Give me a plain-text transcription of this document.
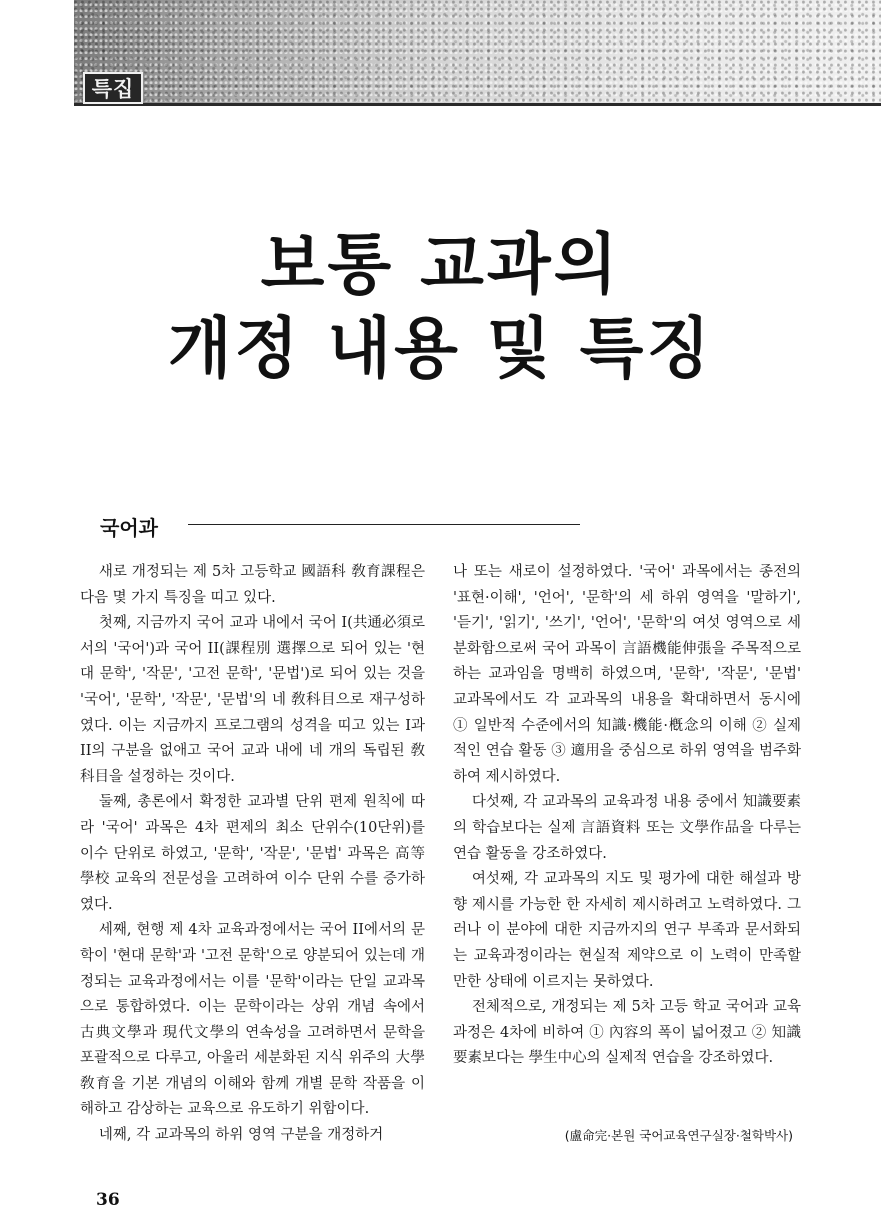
특집
보통 교과의
개정 내용 및 특징
국어과

새로 개정되는 제 5차 고등학교 國語科 敎育課程은 다음 몇 가지 특징을 띠고 있다.

첫째, 지금까지 국어 교과 내에서 국어 I(共通必須로서의 '국어')과 국어 II(課程別 選擇으로 되어 있는 '현대 문학', '작문', '고전 문학', '문법')로 되어 있는 것을 '국어', '문학', '작문', '문법'의 네 敎科目으로 재구성하였다. 이는 지금까지 프로그램의 성격을 띠고 있는 I과 II의 구분을 없애고 국어 교과 내에 네 개의 독립된 敎科目을 설정하는 것이다.

둘째, 총론에서 확정한 교과별 단위 편제 원칙에 따라 '국어' 과목은 4차 편제의 최소 단위수(10단위)를 이수 단위로 하였고, '문학', '작문', '문법' 과목은 高等學校 교육의 전문성을 고려하여 이수 단위 수를 증가하였다.

세째, 현행 제 4차 교육과정에서는 국어 II에서의 문학이 '현대 문학'과 '고전 문학'으로 양분되어 있는데 개정되는 교육과정에서는 이를 '문학'이라는 단일 교과목으로 통합하였다. 이는 문학이라는 상위 개념 속에서 古典文學과 現代文學의 연속성을 고려하면서 문학을 포괄적으로 다루고, 아울러 세분화된 지식 위주의 大學敎育을 기본 개념의 이해와 함께 개별 문학 작품을 이해하고 감상하는 교육으로 유도하기 위함이다.

네째, 각 교과목의 하위 영역 구분을 개정하거

나 또는 새로이 설정하였다. '국어' 과목에서는 종전의 '표현·이해', '언어', '문학'의 세 하위 영역을 '말하기', '듣기', '읽기', '쓰기', '언어', '문학'의 여섯 영역으로 세분화함으로써 국어 과목이 言語機能伸張을 주목적으로 하는 교과임을 명백히 하였으며, '문학', '작문', '문법' 교과목에서도 각 교과목의 내용을 확대하면서 동시에 ① 일반적 수준에서의 知識·機能·槪念의 이해 ② 실제적인 연습 활동 ③ 適用을 중심으로 하위 영역을 범주화하여 제시하였다.

다섯째, 각 교과목의 교육과정 내용 중에서 知識要素의 학습보다는 실제 言語資料 또는 文學作品을 다루는 연습 활동을 강조하였다.

여섯째, 각 교과목의 지도 및 평가에 대한 해설과 방향 제시를 가능한 한 자세히 제시하려고 노력하였다. 그러나 이 분야에 대한 지금까지의 연구 부족과 문서화되는 교육과정이라는 현실적 제약으로 이 노력이 만족할 만한 상태에 이르지는 못하였다.

전체적으로, 개정되는 제 5차 고등 학교 국어과 교육과정은 4차에 비하여 ① 內容의 폭이 넓어졌고 ② 知識要素보다는 學生中心의 실제적 연습을 강조하였다.

(盧命完·본원 국어교육연구실장·철학박사)
36
